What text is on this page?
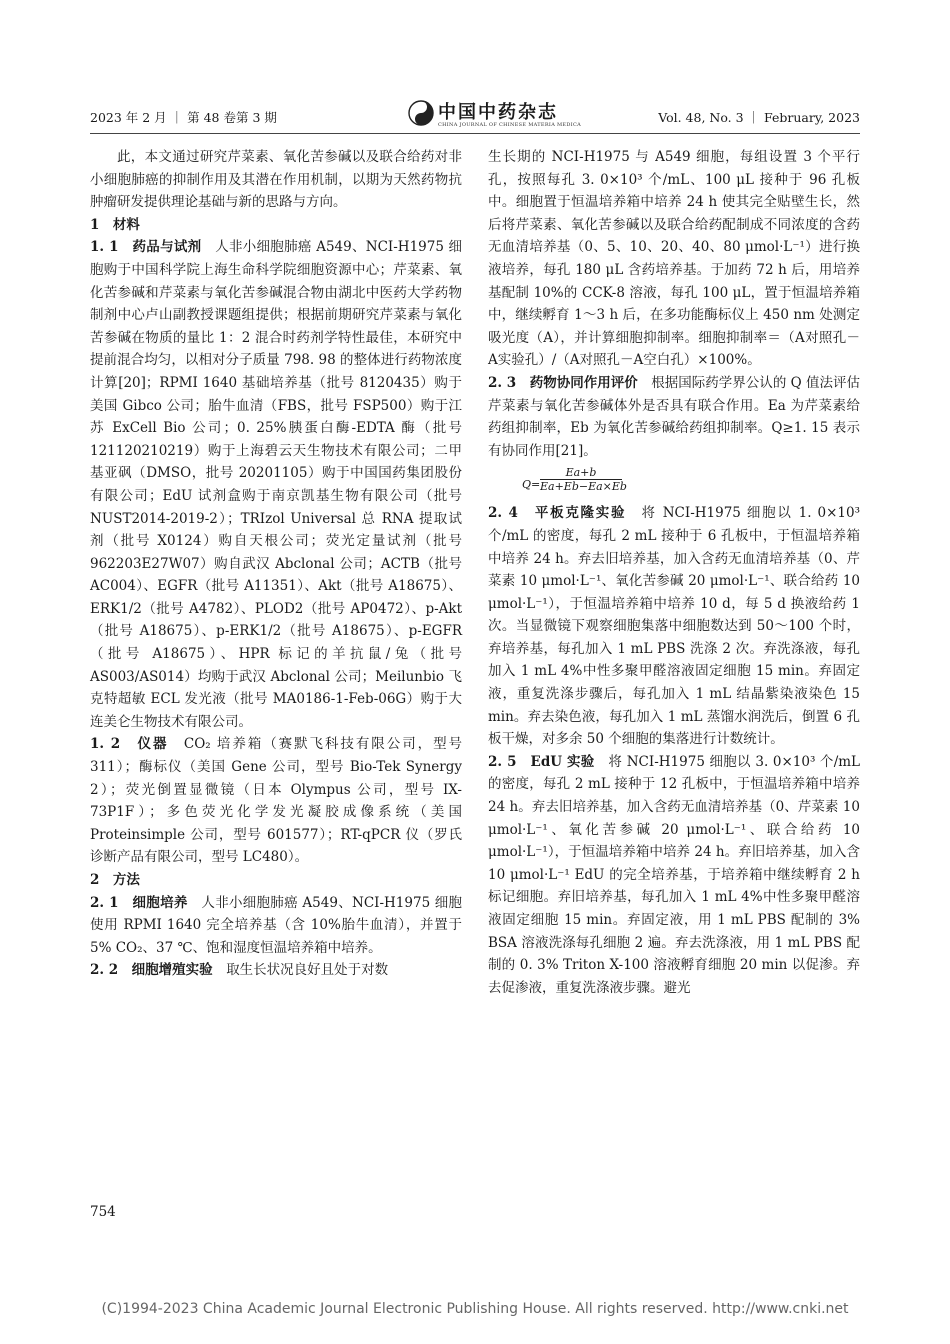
2023 年 2 月 ｜ 第 48 卷第 3 期	中国中药杂志
CHINA JOURNAL OF CHINESE MATERIA MEDICA	Vol. 48, No. 3 ｜ February, 2023

此，本文通过研究芹菜素、氧化苦参碱以及联合给药对非小细胞肺癌的抑制作用及其潜在作用机制，以期为天然药物抗肿瘤研发提供理论基础与新的思路与方向。

1　材料

1. 1　药品与试剂　 人非小细胞肺癌 A549、NCI-H1975 细胞购于中国科学院上海生命科学院细胞资源中心；芹菜素、氧化苦参碱和芹菜素与氧化苦参碱混合物由湖北中医药大学药物制剂中心卢山副教授课题组提供；根据前期研究芹菜素与氧化苦参碱在物质的量比 1：2 混合时药剂学特性最佳，本研究中提前混合均匀，以相对分子质量 798. 98 的整体进行药物浓度计算[20]；RPMI 1640 基础培养基（批号 8120435）购于美国 Gibco 公司；胎牛血清（FBS，批号 FSP500）购于江苏 ExCell Bio 公司；0. 25%胰蛋白酶-EDTA 酶（批号 121120210219）购于上海碧云天生物技术有限公司；二甲基亚砜（DMSO，批号 20201105）购于中国国药集团股份有限公司；EdU 试剂盒购于南京凯基生物有限公司（批号 NUST2014-2019-2）；TRIzol Universal 总 RNA 提取试剂（批号 X0124）购自天根公司；荧光定量试剂（批号 962203E27W07）购自武汉 Abclonal 公司；ACTB（批号 AC004）、EGFR（批号 A11351）、Akt（批号 A18675）、ERK1/2（批号 A4782）、PLOD2（批号 AP0472）、p-Akt（批号 A18675）、p-ERK1/2（批号 A18675）、p-EGFR（批号 A18675）、HPR 标记的羊抗鼠/兔（批号 AS003/AS014）均购于武汉 Abclonal 公司；Meilunbio 飞克特超敏 ECL 发光液（批号 MA0186-1-Feb-06G）购于大连美仑生物技术有限公司。

1. 2　仪器　 CO₂ 培养箱（赛默飞科技有限公司，型号 311）；酶标仪（美国 Gene 公司，型号 Bio-Tek Synergy 2）；荧光倒置显微镜（日本 Olympus 公司，型号 IX-73P1F）；多色荧光化学发光凝胶成像系统（美国 Proteinsimple 公司，型号 601577）；RT-qPCR 仪（罗氏诊断产品有限公司，型号 LC480）。

2　方法

2. 1　细胞培养　 人非小细胞肺癌 A549、NCI-H1975 细胞使用 RPMI 1640 完全培养基（含 10%胎牛血清），并置于 5% CO₂、37 ℃、饱和湿度恒温培养箱中培养。

2. 2　细胞增殖实验　 取生长状况良好且处于对数

生长期的 NCI-H1975 与 A549 细胞，每组设置 3 个平行孔，按照每孔 3. 0×10³ 个/mL、100 μL 接种于 96 孔板中。细胞置于恒温培养箱中培养 24 h 使其完全贴壁生长，然后将芹菜素、氧化苦参碱以及联合给药配制成不同浓度的含药无血清培养基（0、5、10、20、40、80 μmol·L⁻¹）进行换液培养，每孔 180 μL 含药培养基。于加药 72 h 后，用培养基配制 10%的 CCK-8 溶液，每孔 100 μL，置于恒温培养箱中，继续孵育 1～3 h 后，在多功能酶标仪上 450 nm 处测定吸光度（A），并计算细胞抑制率。细胞抑制率＝（A对照孔－A实验孔）/（A对照孔－A空白孔）×100%。

2. 3　药物协同作用评价　 根据国际药学界公认的 Q 值法评估芹菜素与氧化苦参碱体外是否具有联合作用。Ea 为芹菜素给药组抑制率，Eb 为氧化苦参碱给药组抑制率。Q≥1. 15 表示有协同作用[21]。

$Q= \frac{Ea+b}{Ea+Eb-Ea\times Eb}$

2. 4　平板克隆实验　 将 NCI-H1975 细胞以 1. 0×10³ 个/mL 的密度，每孔 2 mL 接种于 6 孔板中，于恒温培养箱中培养 24 h。弃去旧培养基，加入含药无血清培养基（0、芹菜素 10 μmol·L⁻¹、氧化苦参碱 20 μmol·L⁻¹、联合给药 10 μmol·L⁻¹），于恒温培养箱中培养 10 d，每 5 d 换液给药 1 次。当显微镜下观察细胞集落中细胞数达到 50～100 个时，弃培养基，每孔加入 1 mL PBS 洗涤 2 次。弃洗涤液，每孔加入 1 mL 4%中性多聚甲醛溶液固定细胞 15 min。弃固定液，重复洗涤步骤后，每孔加入 1 mL 结晶紫染液染色 15 min。弃去染色液，每孔加入 1 mL 蒸馏水润洗后，倒置 6 孔板干燥，对多余 50 个细胞的集落进行计数统计。

2. 5　EdU 实验　 将 NCI-H1975 细胞以 3. 0×10³ 个/mL 的密度，每孔 2 mL 接种于 12 孔板中，于恒温培养箱中培养 24 h。弃去旧培养基，加入含药无血清培养基（0、芹菜素 10 μmol·L⁻¹、氧化苦参碱 20 μmol·L⁻¹、联合给药 10 μmol·L⁻¹），于恒温培养箱中培养 24 h。弃旧培养基，加入含 10 μmol·L⁻¹ EdU 的完全培养基，于培养箱中继续孵育 2 h 标记细胞。弃旧培养基，每孔加入 1 mL 4%中性多聚甲醛溶液固定细胞 15 min。弃固定液，用 1 mL PBS 配制的 3% BSA 溶液洗涤每孔细胞 2 遍。弃去洗涤液，用 1 mL PBS 配制的 0. 3% Triton X-100 溶液孵育细胞 20 min 以促渗。弃去促渗液，重复洗涤液步骤。避光

754
(C)1994-2023 China Academic Journal Electronic Publishing House. All rights reserved. http://www.cnki.net
